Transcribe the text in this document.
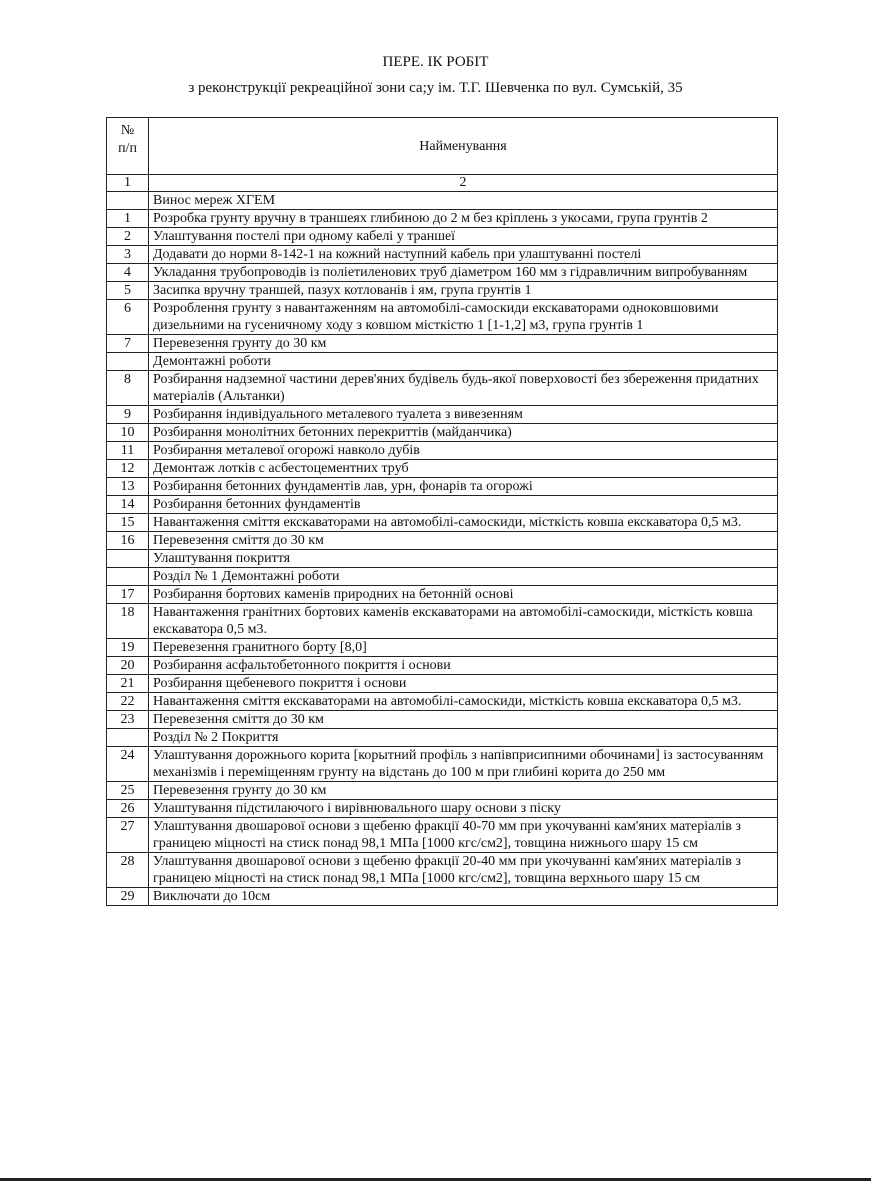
ПЕРЕ. ІК РОБІТ
з реконструкції рекреаційної зони са;у ім. Т.Г. Шевченка по вул. Сумській, 35
№
п/п	Найменування
1	2
	Винос мереж ХГЕМ
1	Розробка грунту вручну в траншеях глибиною до 2 м без кріплень з укосами, група грунтів 2
2	Улаштування постелі при одному кабелі у траншеї
3	Додавати до норми 8-142-1 на кожний наступний кабель при улаштуванні постелі
4	Укладання трубопроводів із поліетиленових труб діаметром 160 мм з гідравличним випробуванням
5	Засипка вручну траншей, пазух котлованів і ям, група грунтів 1
6	Розроблення грунту з навантаженням на автомобілі-самоскиди екскаваторами одноковшовими дизельними на гусеничному ходу з ковшом місткістю 1 [1-1,2] м3, група грунтів 1
7	Перевезення грунту до 30 км
	Демонтажні роботи
8	Розбирання надземної частини дерев'яних будівель будь-якої поверховості без збереження придатних матеріалів (Альтанки)
9	Розбирання індивідуального металевого туалета з вивезенням
10	Розбирання монолітних бетонних перекриттів (майданчика)
11	Розбирання металевої огорожі навколо дубів
12	Демонтаж лотків с асбестоцементних труб
13	Розбирання бетонних фундаментів лав, урн, фонарів та огорожі
14	Розбирання бетонних фундаментів
15	Навантаження сміття екскаваторами на автомобілі-самоскиди, місткість ковша екскаватора 0,5 м3.
16	Перевезення сміття до 30 км
	Улаштування покриття
	Розділ № 1 Демонтажні роботи
17	Розбирання бортових каменів природних на бетонній основі
18	Навантаження гранітних бортових каменів екскаваторами на автомобілі-самоскиди, місткість ковша екскаватора 0,5 м3.
19	Перевезення гранитного борту [8,0]
20	Розбирання асфальтобетонного покриття і основи
21	Розбирання щебеневого покриття і основи
22	Навантаження сміття екскаваторами на автомобілі-самоскиди, місткість ковша екскаватора 0,5 м3.
23	Перевезення сміття до 30 км
	Розділ № 2 Покриття
24	Улаштування дорожнього корита [корытний профіль з напівприсипними обочинами] із застосуванням механізмів і переміщенням грунту на відстань до 100 м при глибині корита до 250 мм
25	Перевезення грунту до 30 км
26	Улаштування підстилаючого і вирівнювального шару основи з піску
27	Улаштування двошарової основи з щебеню фракції 40-70 мм при укочуванні кам'яних матеріалів з границею міцності на стиск понад 98,1 МПа [1000 кгс/см2], товщина нижнього шару 15 см
28	Улаштування двошарової основи з щебеню фракції 20-40 мм при укочуванні кам'яних матеріалів з границею міцності на стиск понад 98,1 МПа [1000 кгс/см2], товщина верхнього шару 15 см
29	Виключати до 10см
